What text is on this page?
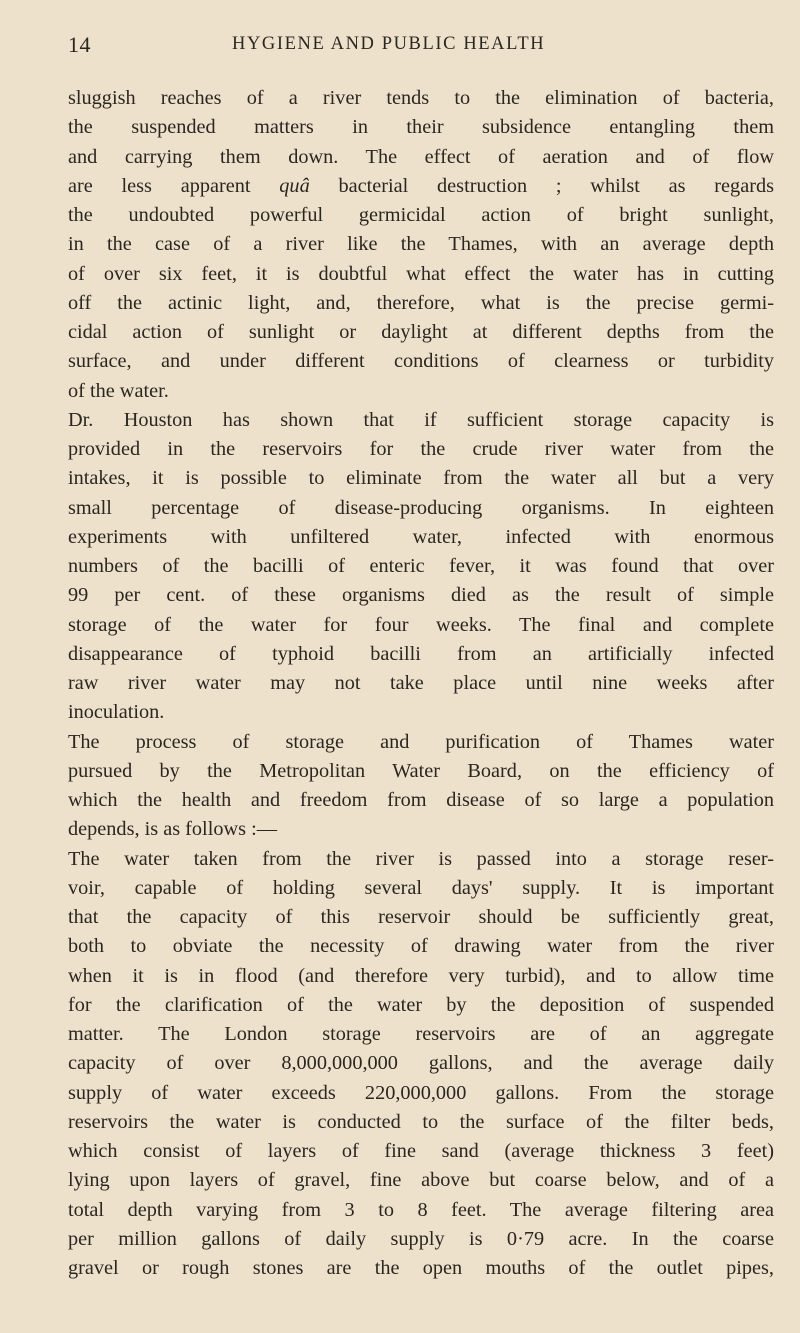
14	HYGIENE AND PUBLIC HEALTH

sluggish reaches of a river tends to the elimination of bacteria,
the suspended matters in their subsidence entangling them
and carrying them down. The effect of aeration and of flow
are less apparent quâ bacterial destruction ; whilst as regards
the undoubted powerful germicidal action of bright sunlight,
in the case of a river like the Thames, with an average depth
of over six feet, it is doubtful what effect the water has in cutting
off the actinic light, and, therefore, what is the precise germi-
cidal action of sunlight or daylight at different depths from the
surface, and under different conditions of clearness or turbidity
of the water.

Dr. Houston has shown that if sufficient storage capacity is
provided in the reservoirs for the crude river water from the
intakes, it is possible to eliminate from the water all but a very
small percentage of disease-producing organisms. In eighteen
experiments with unfiltered water, infected with enormous
numbers of the bacilli of enteric fever, it was found that over
99 per cent. of these organisms died as the result of simple
storage of the water for four weeks. The final and complete
disappearance of typhoid bacilli from an artificially infected
raw river water may not take place until nine weeks after
inoculation.

The process of storage and purification of Thames water
pursued by the Metropolitan Water Board, on the efficiency of
which the health and freedom from disease of so large a population
depends, is as follows :—

The water taken from the river is passed into a storage reser-
voir, capable of holding several days' supply. It is important
that the capacity of this reservoir should be sufficiently great,
both to obviate the necessity of drawing water from the river
when it is in flood (and therefore very turbid), and to allow time
for the clarification of the water by the deposition of suspended
matter. The London storage reservoirs are of an aggregate
capacity of over 8,000,000,000 gallons, and the average daily
supply of water exceeds 220,000,000 gallons. From the storage
reservoirs the water is conducted to the surface of the filter beds,
which consist of layers of fine sand (average thickness 3 feet)
lying upon layers of gravel, fine above but coarse below, and of a
total depth varying from 3 to 8 feet. The average filtering area
per million gallons of daily supply is 0·79 acre. In the coarse
gravel or rough stones are the open mouths of the outlet pipes,
